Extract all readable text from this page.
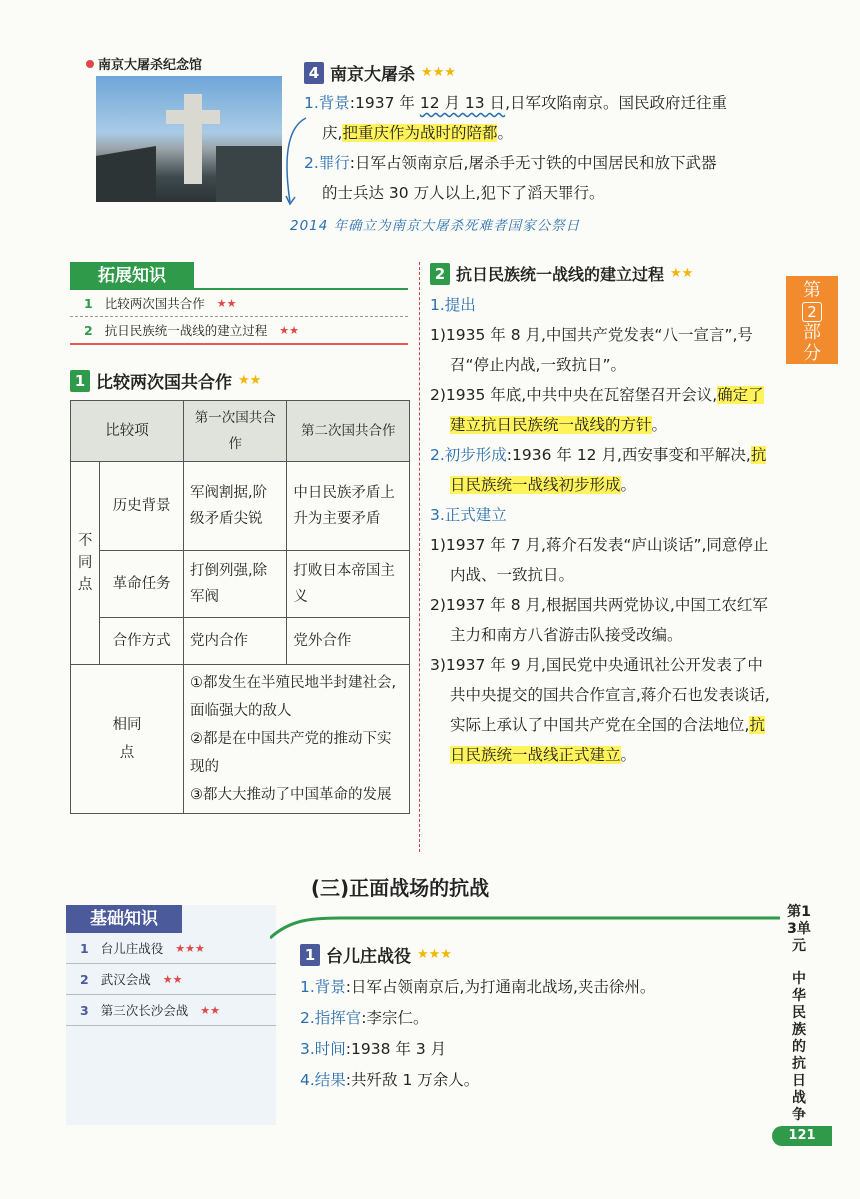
南京大屠杀纪念馆	4 南京大屠杀 ★★★
1.背景:1937 年 12 月 13 日,日军攻陷南京。国民政府迁往重
庆,把重庆作为战时的陪都。
2.罪行:日军占领南京后,屠杀手无寸铁的中国居民和放下武器
的士兵达 30 万人以上,犯下了滔天罪行。
2014 年确立为南京大屠杀死难者国家公祭日
拓展知识
1 比较两次国共合作 ★★
2 抗日民族统一战线的建立过程 ★★
1 比较两次国共合作 ★★
比较项		第一次国共合作	第二次国共合作
不同点	历史背景	军阀割据,阶级矛盾尖锐	中日民族矛盾上升为主要矛盾
	革命任务	打倒列强,除军阀	打败日本帝国主义
	合作方式	党内合作	党外合作
相同点		①都发生在半殖民地半封建社会,面临强大的敌人
②都是在中国共产党的推动下实现的
③都大大推动了中国革命的发展	
2 抗日民族统一战线的建立过程 ★★
1.提出
1)1935 年 8 月,中国共产党发表“八一宣言”,号召“停止内战,一致抗日”。
2)1935 年底,中共中央在瓦窑堡召开会议,确定了建立抗日民族统一战线的方针。
2.初步形成:1936 年 12 月,西安事变和平解决,抗日民族统一战线初步形成。
3.正式建立
1)1937 年 7 月,蒋介石发表“庐山谈话”,同意停止内战、一致抗日。
2)1937 年 8 月,根据国共两党协议,中国工农红军主力和南方八省游击队接受改编。
3)1937 年 9 月,国民党中央通讯社公开发表了中共中央提交的国共合作宣言,蒋介石也发表谈话,实际上承认了中国共产党在全国的合法地位,抗日民族统一战线正式建立。
第
2
部
分
(三)正面战场的抗战
基础知识
1 台儿庄战役 ★★★
2 武汉会战 ★★
3 第三次长沙会战 ★★
1 台儿庄战役 ★★★
1.背景:日军占领南京后,为打通南北战场,夹击徐州。
2.指挥官:李宗仁。
3.时间:1938 年 3 月
4.结果:共歼敌 1 万余人。
第13单元
中华民族的抗日战争
121
